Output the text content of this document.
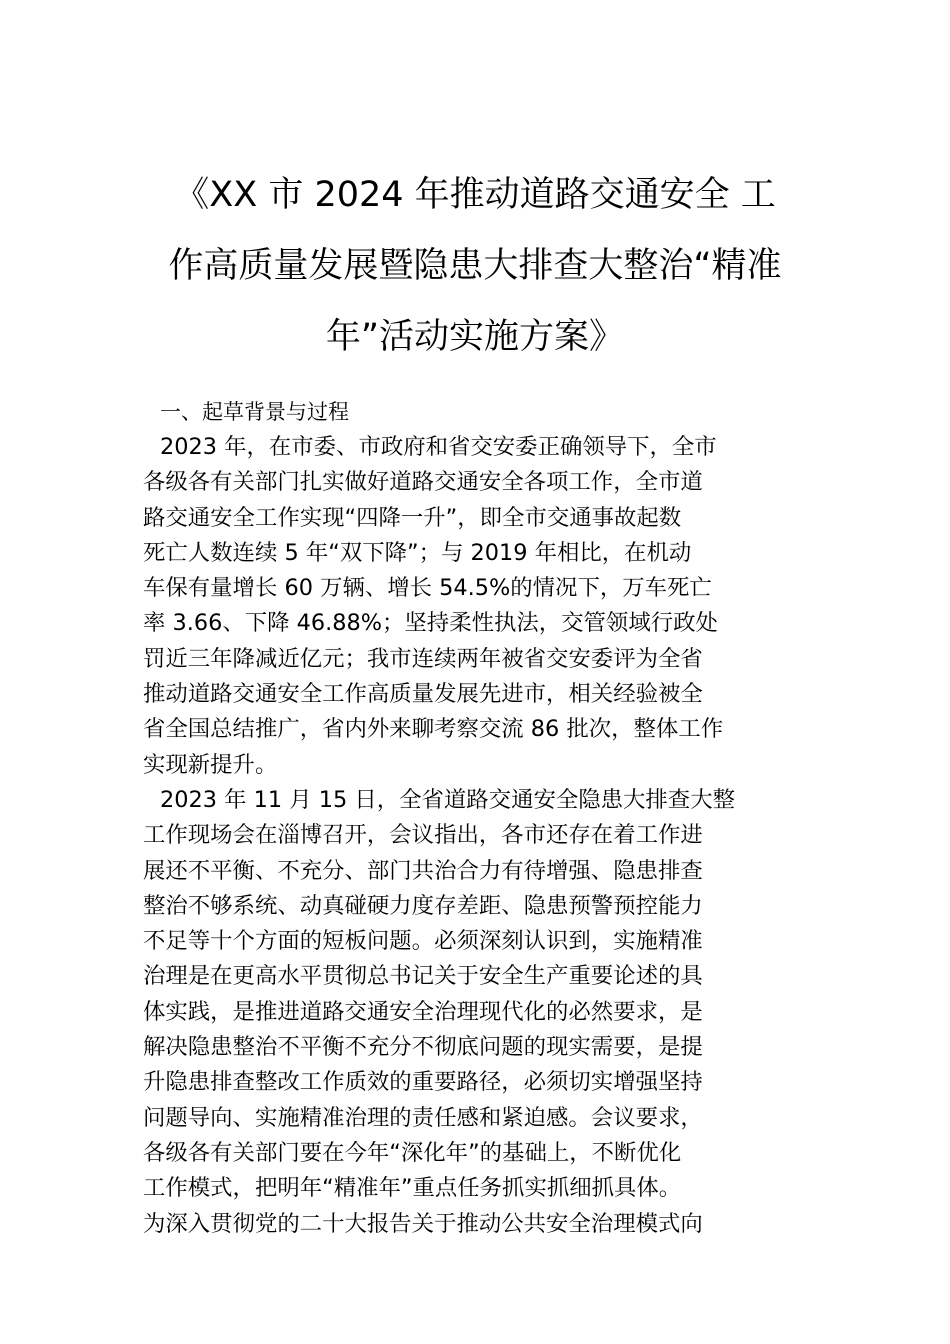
《XX 市 2024 年推动道路交通安全 工
作高质量发展暨隐患大排查大整治“精准
年”活动实施方案》

一、起草背景与过程

2023 年，在市委、市政府和省交安委正确领导下，全市
各级各有关部门扎实做好道路交通安全各项工作，全市道
路交通安全工作实现“四降一升”，即全市交通事故起数
死亡人数连续 5 年“双下降”；与 2019 年相比，在机动
车保有量增长 60 万辆、增长 54.5%的情况下，万车死亡
率 3.66、下降 46.88%；坚持柔性执法，交管领域行政处
罚近三年降减近亿元；我市连续两年被省交安委评为全省
推动道路交通安全工作高质量发展先进市，相关经验被全
省全国总结推广，省内外来聊考察交流 86 批次，整体工作
实现新提升。

2023 年 11 月 15 日，全省道路交通安全隐患大排查大整
工作现场会在淄博召开，会议指出，各市还存在着工作进
展还不平衡、不充分、部门共治合力有待增强、隐患排查
整治不够系统、动真碰硬力度存差距、隐患预警预控能力
不足等十个方面的短板问题。必须深刻认识到，实施精准
治理是在更高水平贯彻总书记关于安全生产重要论述的具
体实践，是推进道路交通安全治理现代化的必然要求，是
解决隐患整治不平衡不充分不彻底问题的现实需要，是提
升隐患排查整改工作质效的重要路径，必须切实增强坚持
问题导向、实施精准治理的责任感和紧迫感。会议要求，
各级各有关部门要在今年“深化年”的基础上，不断优化
工作模式，把明年“精准年”重点任务抓实抓细抓具体。
为深入贯彻党的二十大报告关于推动公共安全治理模式向
